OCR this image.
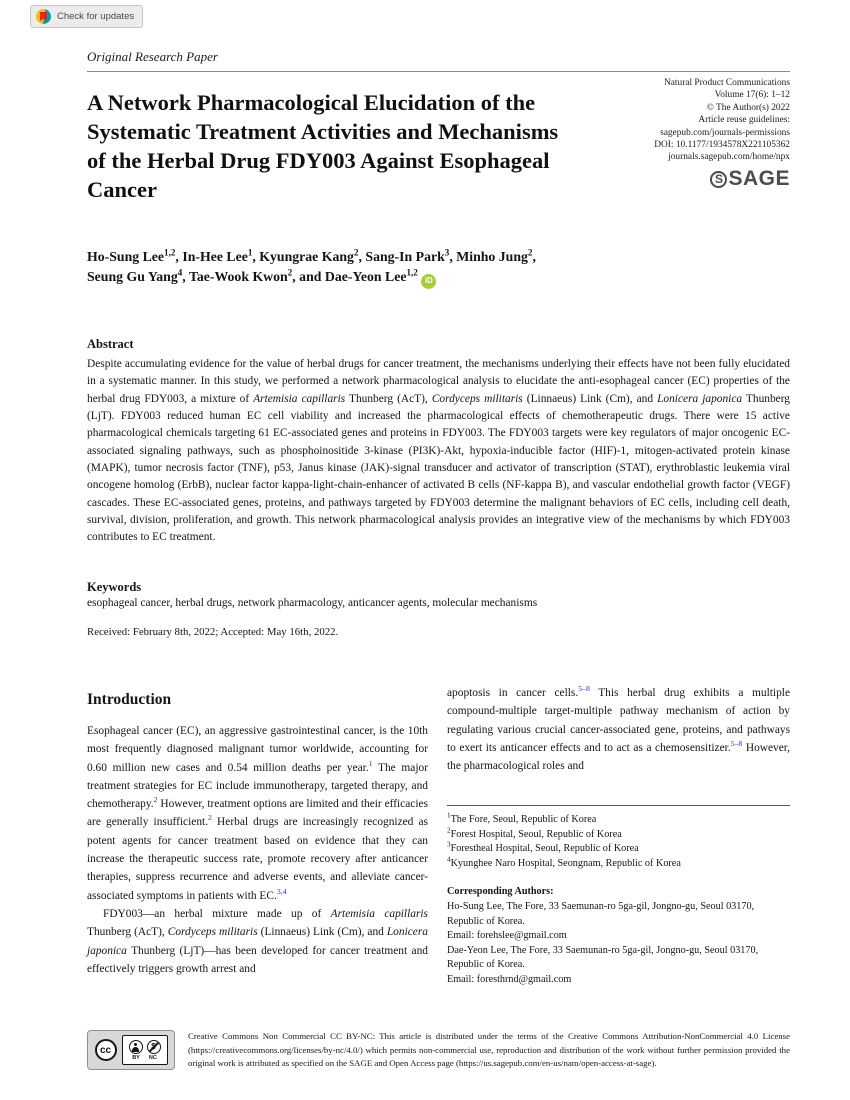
Check for updates
Original Research Paper
Natural Product Communications
Volume 17(6): 1–12
© The Author(s) 2022
Article reuse guidelines:
sagepub.com/journals-permissions
DOI: 10.1177/1934578X221105362
journals.sagepub.com/home/npx
S SAGE
A Network Pharmacological Elucidation of the
Systematic Treatment Activities and Mechanisms
of the Herbal Drug FDY003 Against Esophageal
Cancer
Ho-Sung Lee$^{1,2}$, In-Hee Lee$^1$, Kyungrae Kang$^2$, Sang-In Park$^3$, Minho Jung$^2$,
Seung Gu Yang$^4$, Tae-Wook Kwon$^2$, and Dae-Yeon Lee$^{1,2}$ iD
Abstract
Despite accumulating evidence for the value of herbal drugs for cancer treatment, the mechanisms underlying their effects have not been fully elucidated in a systematic manner. In this study, we performed a network pharmacological analysis to elucidate the anti-esophageal cancer (EC) properties of the herbal drug FDY003, a mixture of Artemisia capillaris Thunberg (AcT), Cordyceps militaris (Linnaeus) Link (Cm), and Lonicera japonica Thunberg (LjT). FDY003 reduced human EC cell viability and increased the pharmacological effects of chemotherapeutic drugs. There were 15 active pharmacological chemicals targeting 61 EC-associated genes and proteins in FDY003. The FDY003 targets were key regulators of major oncogenic EC-associated signaling pathways, such as phosphoinositide 3-kinase (PI3K)-Akt, hypoxia-inducible factor (HIF)-1, mitogen-activated protein kinase (MAPK), tumor necrosis factor (TNF), p53, Janus kinase (JAK)-signal transducer and activator of transcription (STAT), erythroblastic leukemia viral oncogene homolog (ErbB), nuclear factor kappa-light-chain-enhancer of activated B cells (NF-kappa B), and vascular endothelial growth factor (VEGF) cascades. These EC-associated genes, proteins, and pathways targeted by FDY003 determine the malignant behaviors of EC cells, including cell death, survival, division, proliferation, and growth. This network pharmacological analysis provides an integrative view of the mechanisms by which FDY003 contributes to EC treatment.
Keywords
esophageal cancer, herbal drugs, network pharmacology, anticancer agents, molecular mechanisms
Received: February 8th, 2022; Accepted: May 16th, 2022.
Introduction

Esophageal cancer (EC), an aggressive gastrointestinal cancer, is the 10th most frequently diagnosed malignant tumor worldwide, accounting for 0.60 million new cases and 0.54 million deaths per year.$^1$ The major treatment strategies for EC include immunotherapy, targeted therapy, and chemotherapy.$^2$ However, treatment options are limited and their efficacies are generally insufficient.$^2$ Herbal drugs are increasingly recognized as potent agents for cancer treatment based on evidence that they can increase the therapeutic success rate, promote recovery after anticancer therapies, suppress recurrence and adverse events, and alleviate cancer-associated symptoms in patients with EC.$^{3,4}$

FDY003—an herbal mixture made up of Artemisia capillaris Thunberg (AcT), Cordyceps militaris (Linnaeus) Link (Cm), and Lonicera japonica Thunberg (LjT)—has been developed for cancer treatment and effectively triggers growth arrest and

apoptosis in cancer cells.$^{5-8}$ This herbal drug exhibits a multiple compound-multiple target-multiple pathway mechanism of action by regulating various crucial cancer-associated gene, proteins, and pathways to exert its anticancer effects and to act as a chemosensitizer.$^{5-8}$ However, the pharmacological roles and

$^1$The Fore, Seoul, Republic of Korea
$^2$Forest Hospital, Seoul, Republic of Korea
$^3$Forestheal Hospital, Seoul, Republic of Korea
$^4$Kyunghee Naro Hospital, Seongnam, Republic of Korea
Corresponding Authors:
Ho-Sung Lee, The Fore, 33 Saemunan-ro 5ga-gil, Jongno-gu, Seoul 03170, Republic of Korea.
Email: forehslee@gmail.com
Dae-Yeon Lee, The Fore, 33 Saemunan-ro 5ga-gil, Jongno-gu, Seoul 03170, Republic of Korea.
Email: foresthrnd@gmail.com
cc
BY NC
Creative Commons Non Commercial CC BY-NC: This article is distributed under the terms of the Creative Commons Attribution-NonCommercial 4.0 License (https://creativecommons.org/licenses/by-nc/4.0/) which permits non-commercial use, reproduction and distribution of the work without further permission provided the original work is attributed as specified on the SAGE and Open Access page (https://us.sagepub.com/en-us/nam/open-access-at-sage).
